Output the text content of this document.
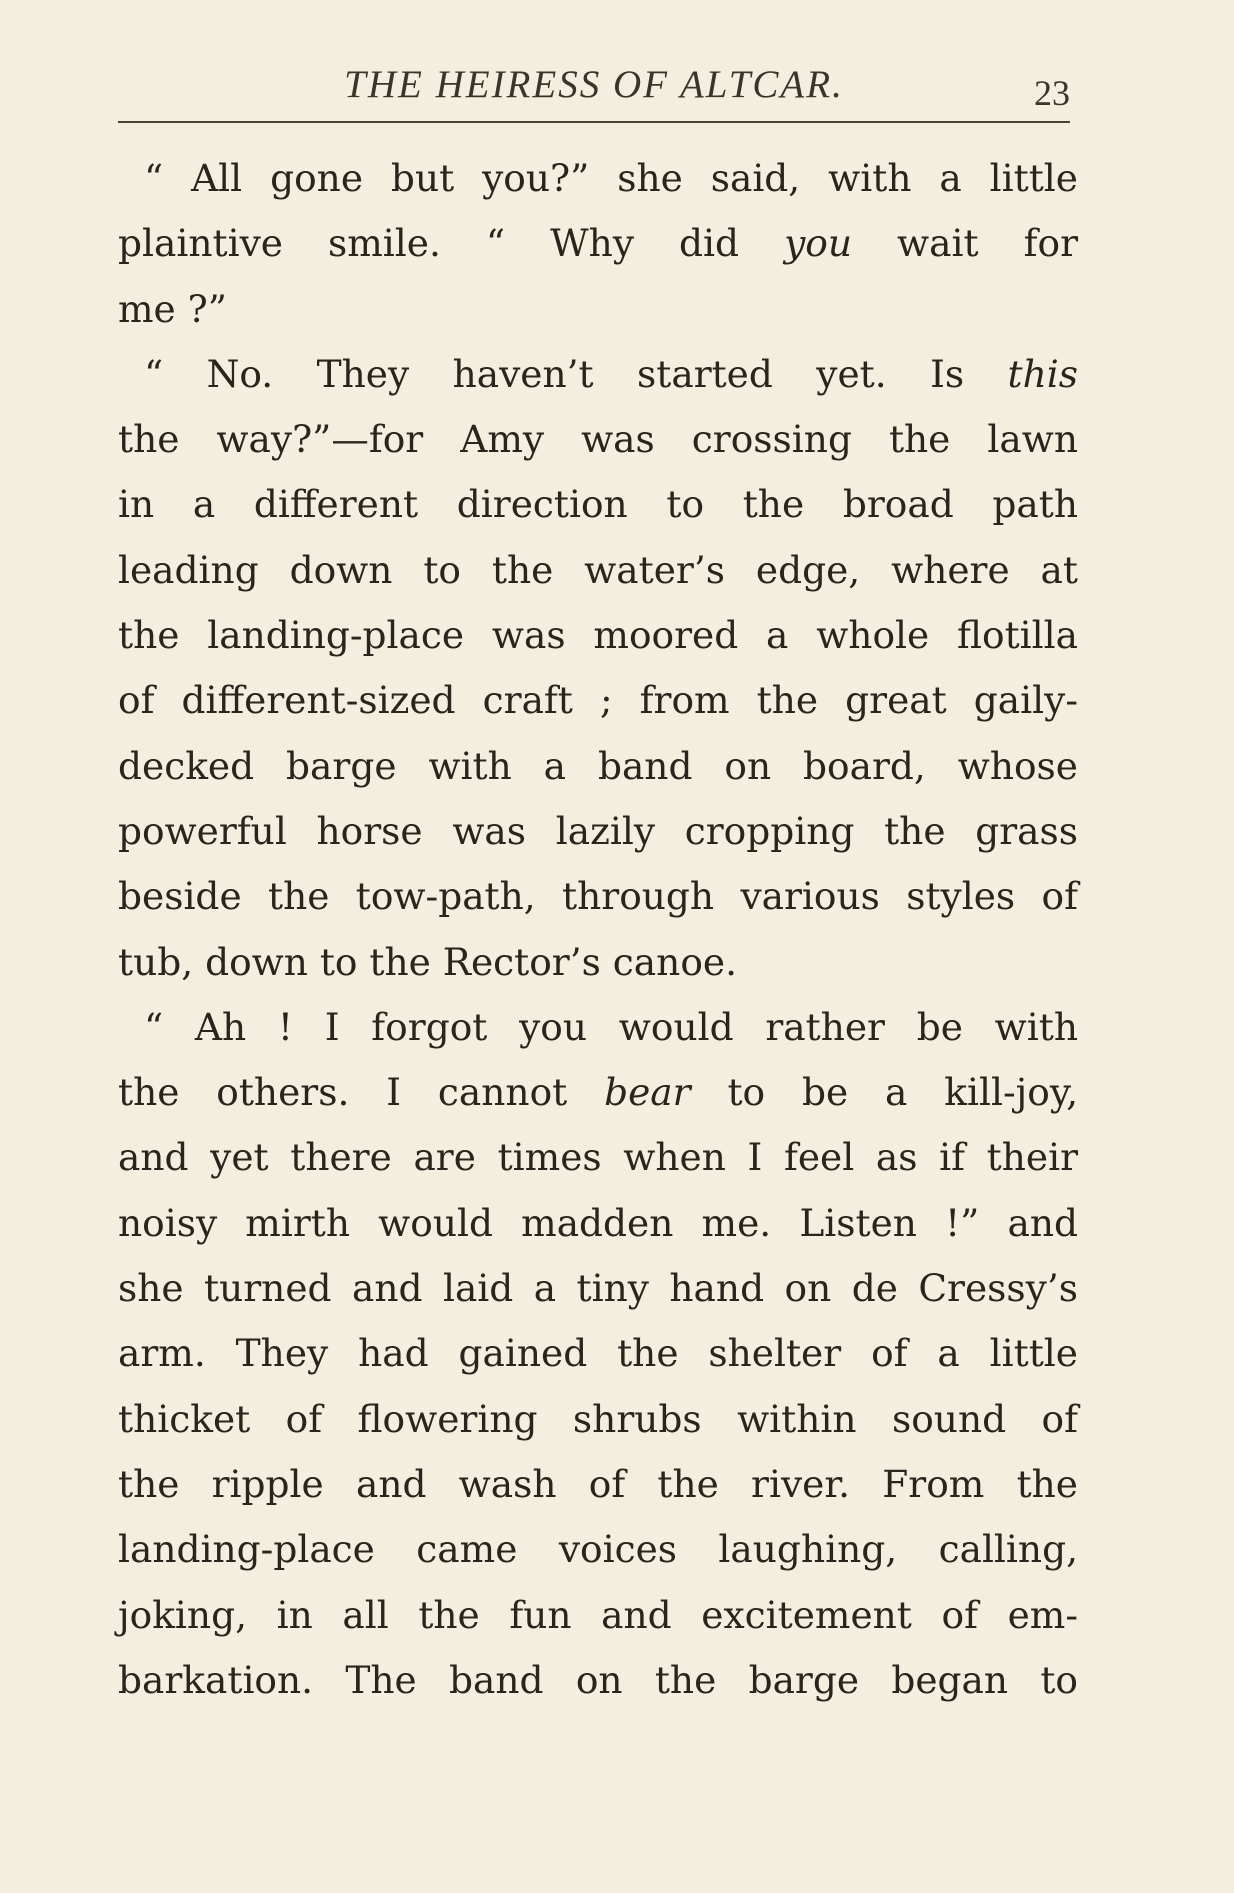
THE HEIRESS OF ALTCAR.	23
“ All gone but you?” she said, with a little
plaintive smile. “ Why did you wait for
me ?”
“ No. They haven’t started yet. Is this
the way?”—for Amy was crossing the lawn
in a different direction to the broad path
leading down to the water’s edge, where at
the landing-place was moored a whole flotilla
of different-sized craft ; from the great gaily-
decked barge with a band on board, whose
powerful horse was lazily cropping the grass
beside the tow-path, through various styles of
tub, down to the Rector’s canoe.
“ Ah ! I forgot you would rather be with
the others. I cannot bear to be a kill-joy,
and yet there are times when I feel as if their
noisy mirth would madden me. Listen !” and
she turned and laid a tiny hand on de Cressy’s
arm. They had gained the shelter of a little
thicket of flowering shrubs within sound of
the ripple and wash of the river. From the
landing-place came voices laughing, calling,
joking, in all the fun and excitement of em-
barkation. The band on the barge began to
